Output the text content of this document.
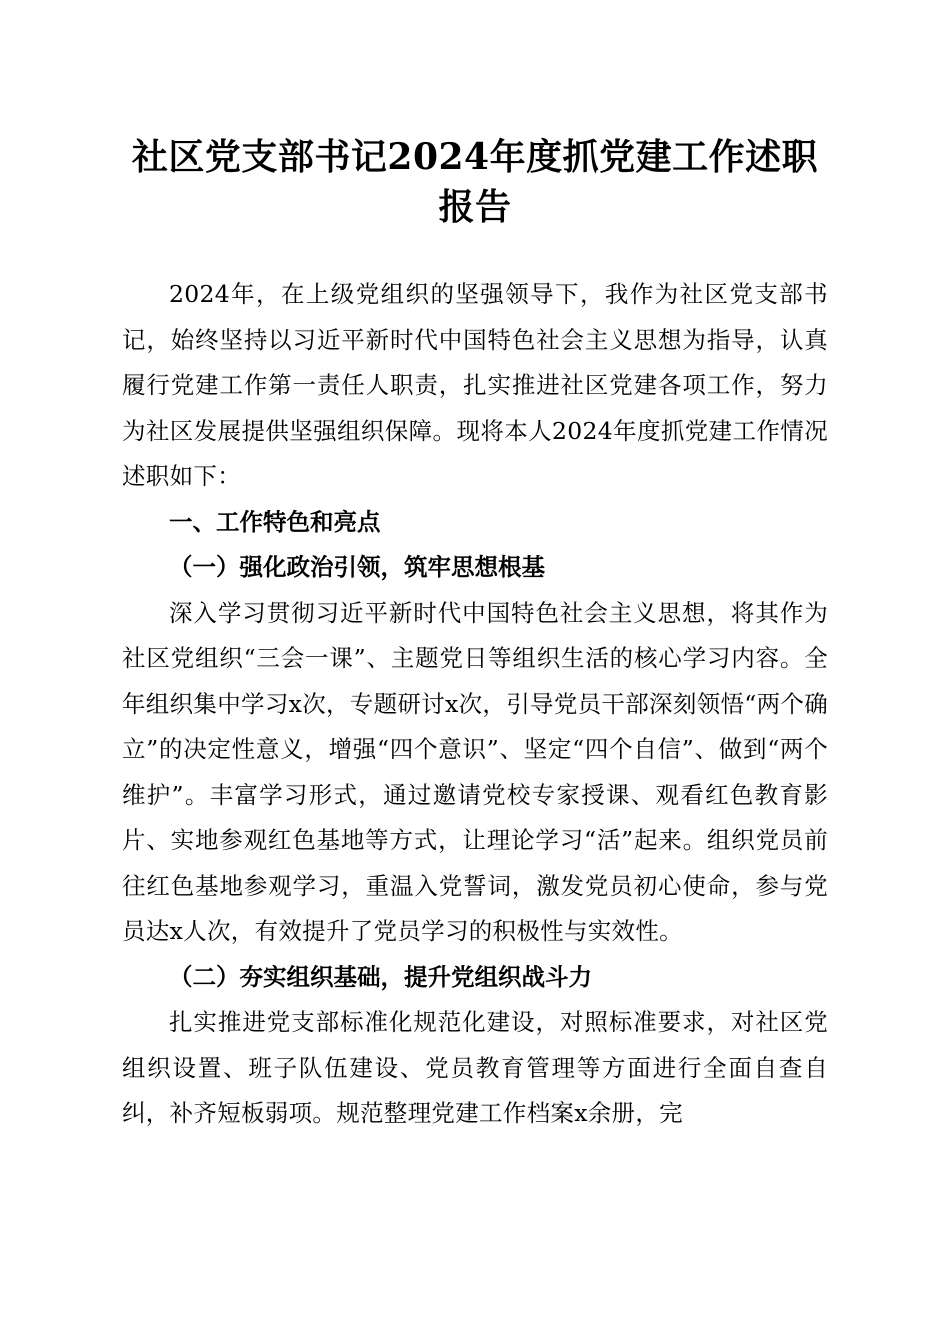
社区党支部书记2024年度抓党建工作述职报告

2024年，在上级党组织的坚强领导下，我作为社区党支部书记，始终坚持以习近平新时代中国特色社会主义思想为指导，认真履行党建工作第一责任人职责，扎实推进社区党建各项工作，努力为社区发展提供坚强组织保障。现将本人2024年度抓党建工作情况述职如下：

一、工作特色和亮点
（一）强化政治引领，筑牢思想根基

深入学习贯彻习近平新时代中国特色社会主义思想，将其作为社区党组织“三会一课”、主题党日等组织生活的核心学习内容。全年组织集中学习x次，专题研讨x次，引导党员干部深刻领悟“两个确立”的决定性意义，增强“四个意识”、坚定“四个自信”、做到“两个维护”。丰富学习形式，通过邀请党校专家授课、观看红色教育影片、实地参观红色基地等方式，让理论学习“活”起来。组织党员前往红色基地参观学习，重温入党誓词，激发党员初心使命，参与党员达x人次，有效提升了党员学习的积极性与实效性。

（二）夯实组织基础，提升党组织战斗力

扎实推进党支部标准化规范化建设，对照标准要求，对社区党组织设置、班子队伍建设、党员教育管理等方面进行全面自查自纠，补齐短板弱项。规范整理党建工作档案x余册，完
